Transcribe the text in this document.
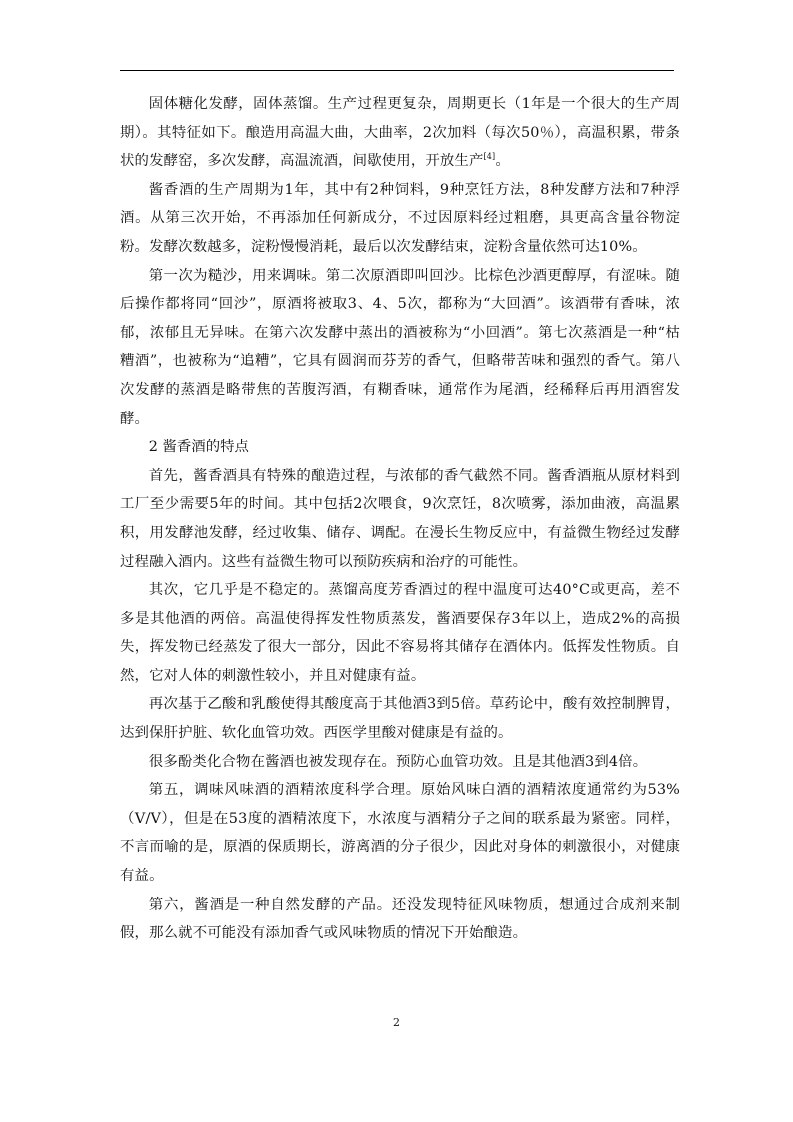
固体糖化发酵，固体蒸馏。生产过程更复杂，周期更长（1年是一个很大的生产周期）。其特征如下。酿造用高温大曲，大曲率，2次加料（每次50％），高温积累，带条状的发酵窑，多次发酵，高温流酒，间歇使用，开放生产[4]。

酱香酒的生产周期为1年，其中有2种饲料，9种烹饪方法，8种发酵方法和7种浮酒。从第三次开始，不再添加任何新成分，不过因原料经过粗磨，具更高含量谷物淀粉。发酵次数越多，淀粉慢慢消耗，最后以次发酵结束，淀粉含量依然可达10%。

第一次为糙沙，用来调味。第二次原酒即叫回沙。比棕色沙酒更醇厚，有涩味。随后操作都将同“回沙”，原酒将被取3、4、5次，都称为“大回酒”。该酒带有香味，浓郁，浓郁且无异味。在第六次发酵中蒸出的酒被称为“小回酒”。第七次蒸酒是一种“枯糟酒”，也被称为“追糟”，它具有圆润而芬芳的香气，但略带苦味和强烈的香气。第八次发酵的蒸酒是略带焦的苦腹泻酒，有糊香味，通常作为尾酒，经稀释后再用酒窖发酵。

2 酱香酒的特点

首先，酱香酒具有特殊的酿造过程，与浓郁的香气截然不同。酱香酒瓶从原材料到工厂至少需要5年的时间。其中包括2次喂食，9次烹饪，8次喷雾，添加曲液，高温累积，用发酵池发酵，经过收集、储存、调配。在漫长生物反应中，有益微生物经过发酵过程融入酒内。这些有益微生物可以预防疾病和治疗的可能性。

其次，它几乎是不稳定的。蒸馏高度芳香酒过的程中温度可达40°C或更高，差不多是其他酒的两倍。高温使得挥发性物质蒸发，酱酒要保存3年以上，造成2%的高损失，挥发物已经蒸发了很大一部分，因此不容易将其储存在酒体内。低挥发性物质。自然，它对人体的刺激性较小，并且对健康有益。

再次基于乙酸和乳酸使得其酸度高于其他酒3到5倍。草药论中，酸有效控制脾胃，达到保肝护脏、软化血管功效。西医学里酸对健康是有益的。

很多酚类化合物在酱酒也被发现存在。预防心血管功效。且是其他酒3到4倍。

第五，调味风味酒的酒精浓度科学合理。原始风味白酒的酒精浓度通常约为53%（V/V），但是在53度的酒精浓度下，水浓度与酒精分子之间的联系最为紧密。同样，不言而喻的是，原酒的保质期长，游离酒的分子很少，因此对身体的刺激很小，对健康有益。

第六，酱酒是一种自然发酵的产品。还没发现特征风味物质，想通过合成剂来制假，那么就不可能没有添加香气或风味物质的情况下开始酿造。

2
